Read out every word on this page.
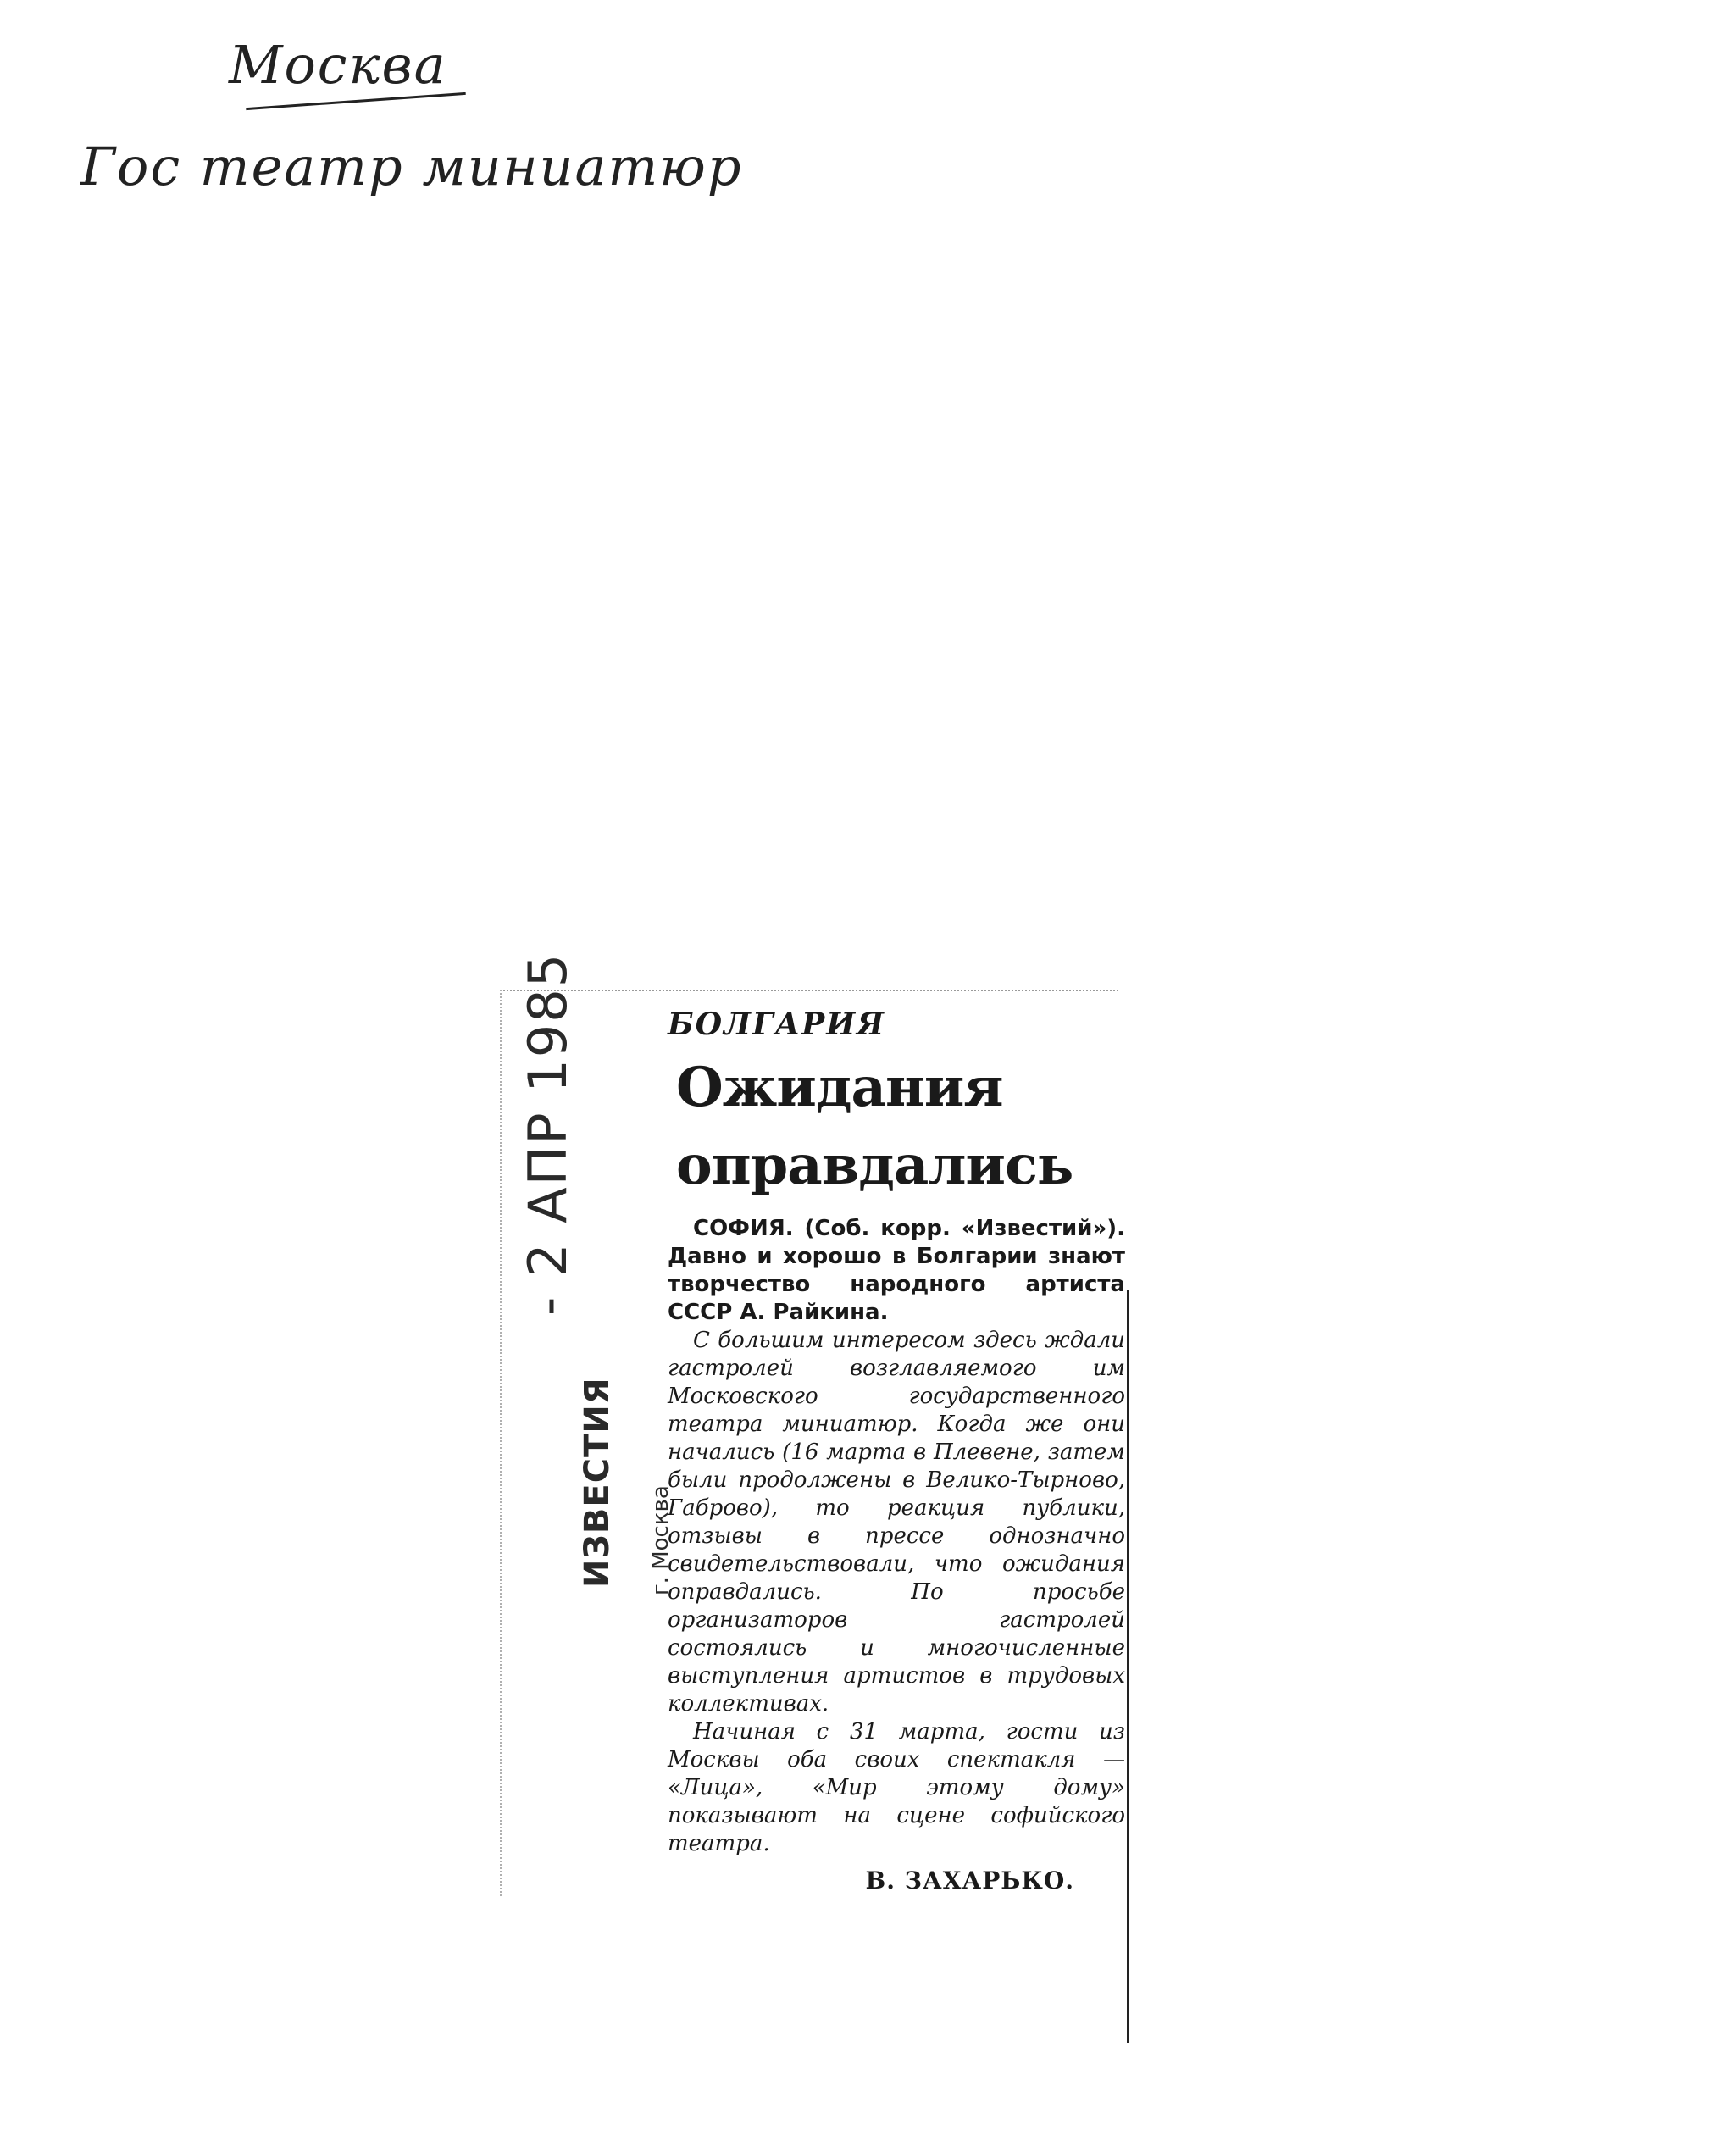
Москва
Гос театр миниатюр
- 2 АПР 1985
ИЗВЕСТИЯ г. Москва
БОЛГАРИЯ
Ожидания
оправдались

СОФИЯ. (Соб. корр. «Известий»). Давно и хорошо в Болгарии знают творчество народного артиста СССР А. Райкина.

С большим интересом здесь ждали гастролей возглавляемого им Московского государственного театра миниатюр. Когда же они начались (16 марта в Плевене, затем были продолжены в Велико-Тырново, Габрово), то реакция публики, отзывы в прессе однозначно свидетельствовали, что ожидания оправдались. По просьбе организаторов гастролей состоялись и многочисленные выступления артистов в трудовых коллективах.

Начиная с 31 марта, гости из Москвы оба своих спектакля — «Лица», «Мир этому дому» показывают на сцене софийского театра.

В. ЗАХАРЬКО.
